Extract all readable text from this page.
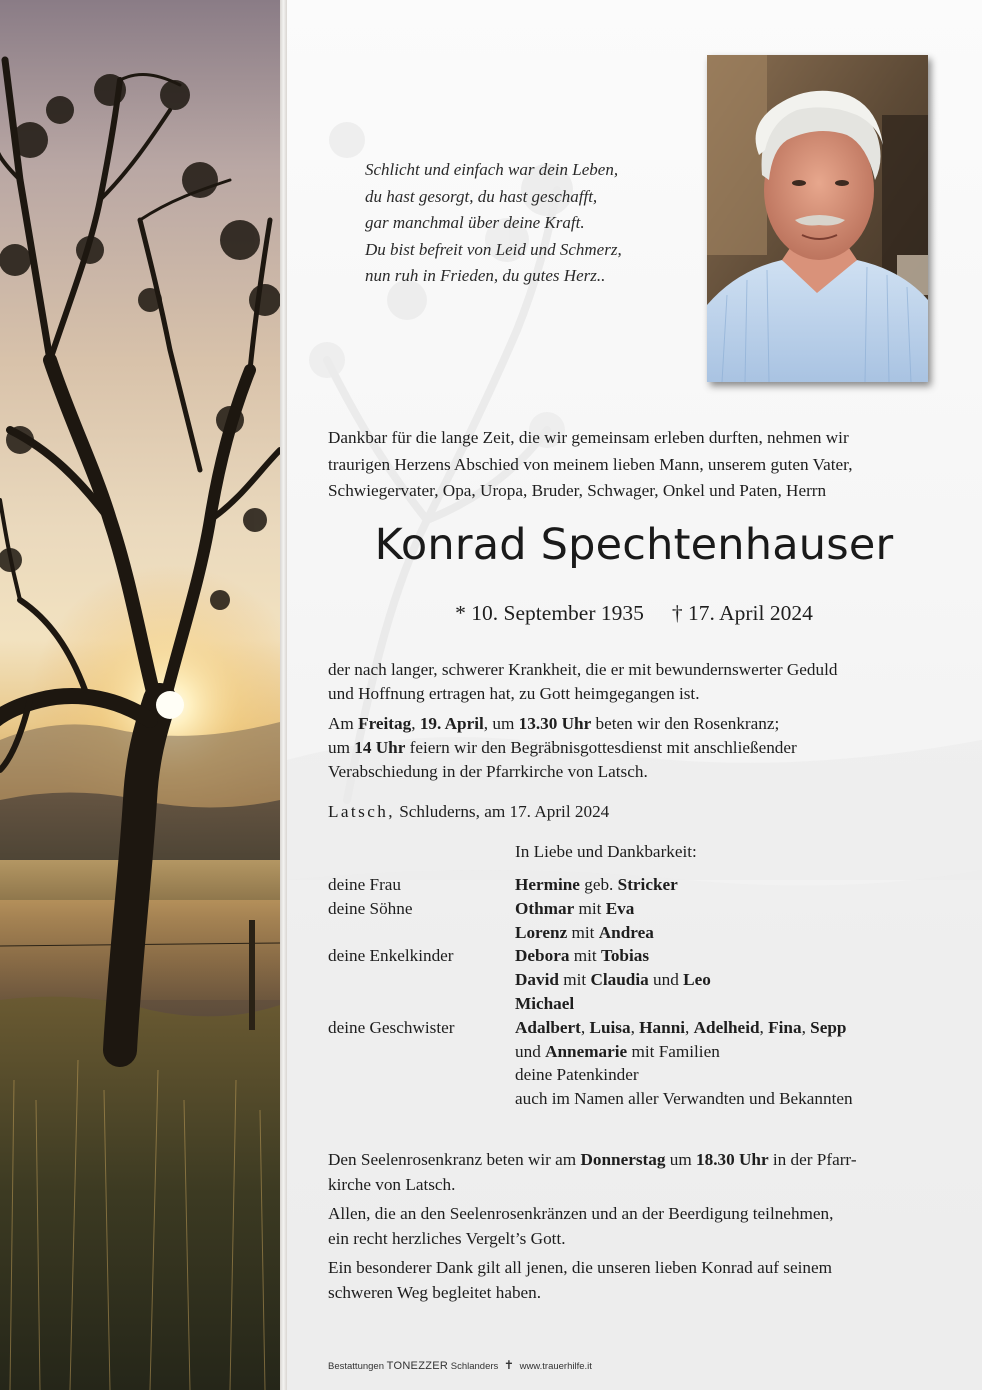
Schlicht und einfach war dein Leben,
du hast gesorgt, du hast geschafft,
gar manchmal über deine Kraft.
Du bist befreit von Leid und Schmerz,
nun ruh in Frieden, du gutes Herz..
Dankbar für die lange Zeit, die wir gemeinsam erleben durften, nehmen wir
traurigen Herzens Abschied von meinem lieben Mann, unserem guten Vater,
Schwiegervater, Opa, Uropa, Bruder, Schwager, Onkel und Paten, Herrn
Konrad Spechtenhauser
* 10. September 1935 † 17. April 2024
der nach langer, schwerer Krankheit, die er mit bewundernswerter Geduld
und Hoffnung ertragen hat, zu Gott heimgegangen ist.
Am Freitag, 19. April, um 13.30 Uhr beten wir den Rosenkranz;
um 14 Uhr feiern wir den Begräbnisgottesdienst mit anschließender
Verabschiedung in der Pfarrkirche von Latsch.
Latsch, Schluderns, am 17. April 2024
In Liebe und Dankbarkeit:
deine Frau	Hermine geb. Stricker
deine Söhne	Othmar mit Eva
Lorenz mit Andrea
deine Enkelkinder	Debora mit Tobias
David mit Claudia und Leo
Michael
deine Geschwister	Adalbert, Luisa, Hanni, Adelheid, Fina, Sepp
und Annemarie mit Familien
deine Patenkinder
auch im Namen aller Verwandten und Bekannten

Den Seelenrosenkranz beten wir am Donnerstag um 18.30 Uhr in der Pfarr-
kirche von Latsch.

Allen, die an den Seelenrosenkränzen und an der Beerdigung teilnehmen,
ein recht herzliches Vergelt’s Gott.

Ein besonderer Dank gilt all jenen, die unseren lieben Konrad auf seinem
schweren Weg begleitet haben.

Bestattungen TONEZZER Schlanders ✝ www.trauerhilfe.it
